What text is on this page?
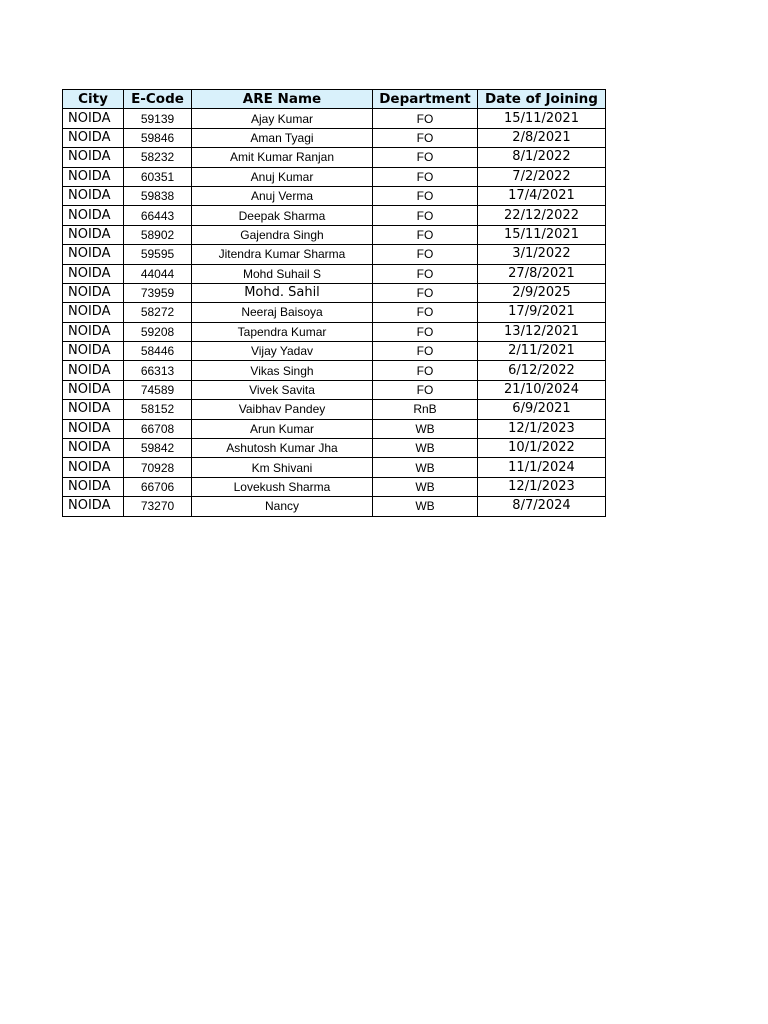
City	E-Code	ARE Name	Department	Date of Joining
NOIDA	59139	Ajay Kumar	FO	15/11/2021
NOIDA	59846	Aman Tyagi	FO	2/8/2021
NOIDA	58232	Amit Kumar Ranjan	FO	8/1/2022
NOIDA	60351	Anuj Kumar	FO	7/2/2022
NOIDA	59838	Anuj Verma	FO	17/4/2021
NOIDA	66443	Deepak Sharma	FO	22/12/2022
NOIDA	58902	Gajendra Singh	FO	15/11/2021
NOIDA	59595	Jitendra Kumar Sharma	FO	3/1/2022
NOIDA	44044	Mohd Suhail S	FO	27/8/2021
NOIDA	73959	Mohd. Sahil	FO	2/9/2025
NOIDA	58272	Neeraj Baisoya	FO	17/9/2021
NOIDA	59208	Tapendra Kumar	FO	13/12/2021
NOIDA	58446	Vijay Yadav	FO	2/11/2021
NOIDA	66313	Vikas Singh	FO	6/12/2022
NOIDA	74589	Vivek Savita	FO	21/10/2024
NOIDA	58152	Vaibhav Pandey	RnB	6/9/2021
NOIDA	66708	Arun Kumar	WB	12/1/2023
NOIDA	59842	Ashutosh Kumar Jha	WB	10/1/2022
NOIDA	70928	Km Shivani	WB	11/1/2024
NOIDA	66706	Lovekush Sharma	WB	12/1/2023
NOIDA	73270	Nancy	WB	8/7/2024
